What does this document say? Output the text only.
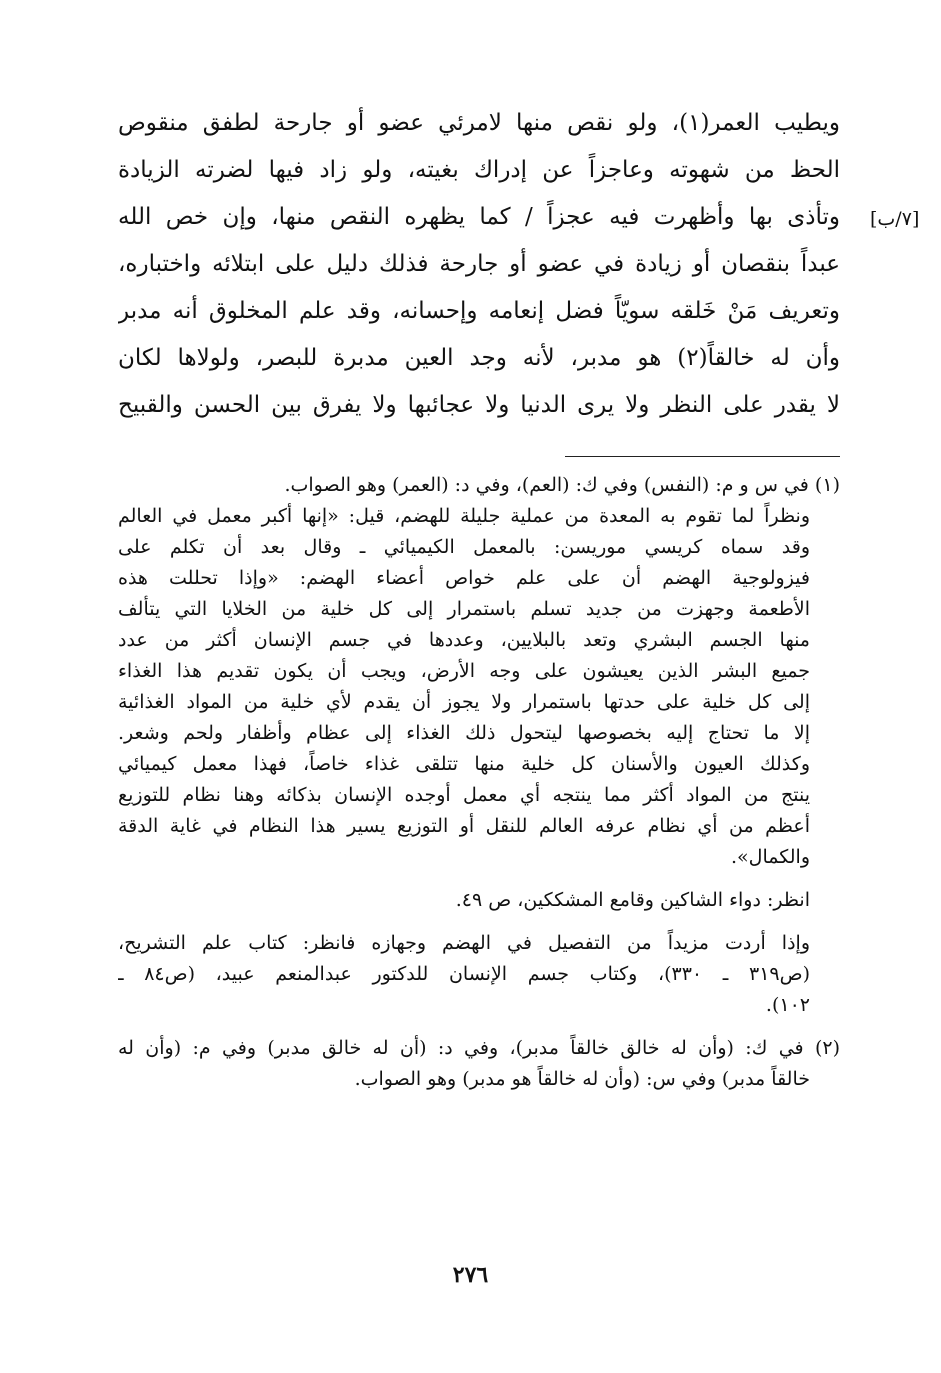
ويطيب العمر(١)، ولو نقص منها لامرئي عضو أو جارحة لطفق منقوص
الحظ من شهوته وعاجزاً عن إدراك بغيته، ولو زاد فيها لضرته الزيادة
وتأذى بها وأظهرت فيه عجزاً / كما يظهره النقص منها، وإن خص الله
عبداً بنقصان أو زيادة في عضو أو جارحة فذلك دليل على ابتلائه واختباره،
وتعريف مَنْ خَلقه سويّاً فضل إنعامه وإحسانه، وقد علم المخلوق أنه مدبر
وأن له خالقاً(٢) هو مدبر، لأنه وجد العين مدبرة للبصر، ولولاها لكان
لا يقدر على النظر ولا يرى الدنيا ولا عجائبها ولا يفرق بين الحسن والقبيح
[٧/ب]
(١) في س و م: (النفس) وفي ك: (العم)، وفي د: (العمر) وهو الصواب.
ونظراً لما تقوم به المعدة من عملية جليلة للهضم، قيل: «إنها أكبر معمل في العالم
وقد سماه كريسي موريسن: بالمعمل الكيميائي ـ وقال بعد أن تكلم على
فيزولوجية الهضم أن على علم خواص أعضاء الهضم: «وإذا تحللت هذه
الأطعمة وجهزت من جديد تسلم باستمرار إلى كل خلية من الخلايا التي يتألف
منها الجسم البشري وتعد بالبلايين، وعددها في جسم الإنسان أكثر من عدد
جميع البشر الذين يعيشون على وجه الأرض، ويجب أن يكون تقديم هذا الغذاء
إلى كل خلية على حدتها باستمرار ولا يجوز أن يقدم لأي خلية من المواد الغذائية
إلا ما تحتاج إليه بخصوصها ليتحول ذلك الغذاء إلى عظام وأظفار ولحم وشعر.
وكذلك العيون والأسنان كل خلية منها تتلقى غذاء خاصاً، فهذا معمل كيميائي
ينتج من المواد أكثر مما ينتجه أي معمل أوجده الإنسان بذكائه وهنا نظام للتوزيع
أعظم من أي نظام عرفه العالم للنقل أو التوزيع يسير هذا النظام في غاية الدقة
والكمال».
انظر: دواء الشاكين وقامع المشككين، ص ٤٩.
وإذا أردت مزيداً من التفصيل في الهضم وجهازه فانظر: كتاب علم التشريح،
(ص٣١٩ ـ ٣٣٠)، وكتاب جسم الإنسان للدكتور عبدالمنعم عبيد، (ص٨٤ ـ
١٠٢).
(٢) في ك: (وأن له خالق خالقاً مدبر)، وفي د: (أن له خالق مدبر) وفي م: (وأن له
خالقاً مدبر) وفي س: (وأن له خالقاً هو مدبر) وهو الصواب.
٢٧٦
